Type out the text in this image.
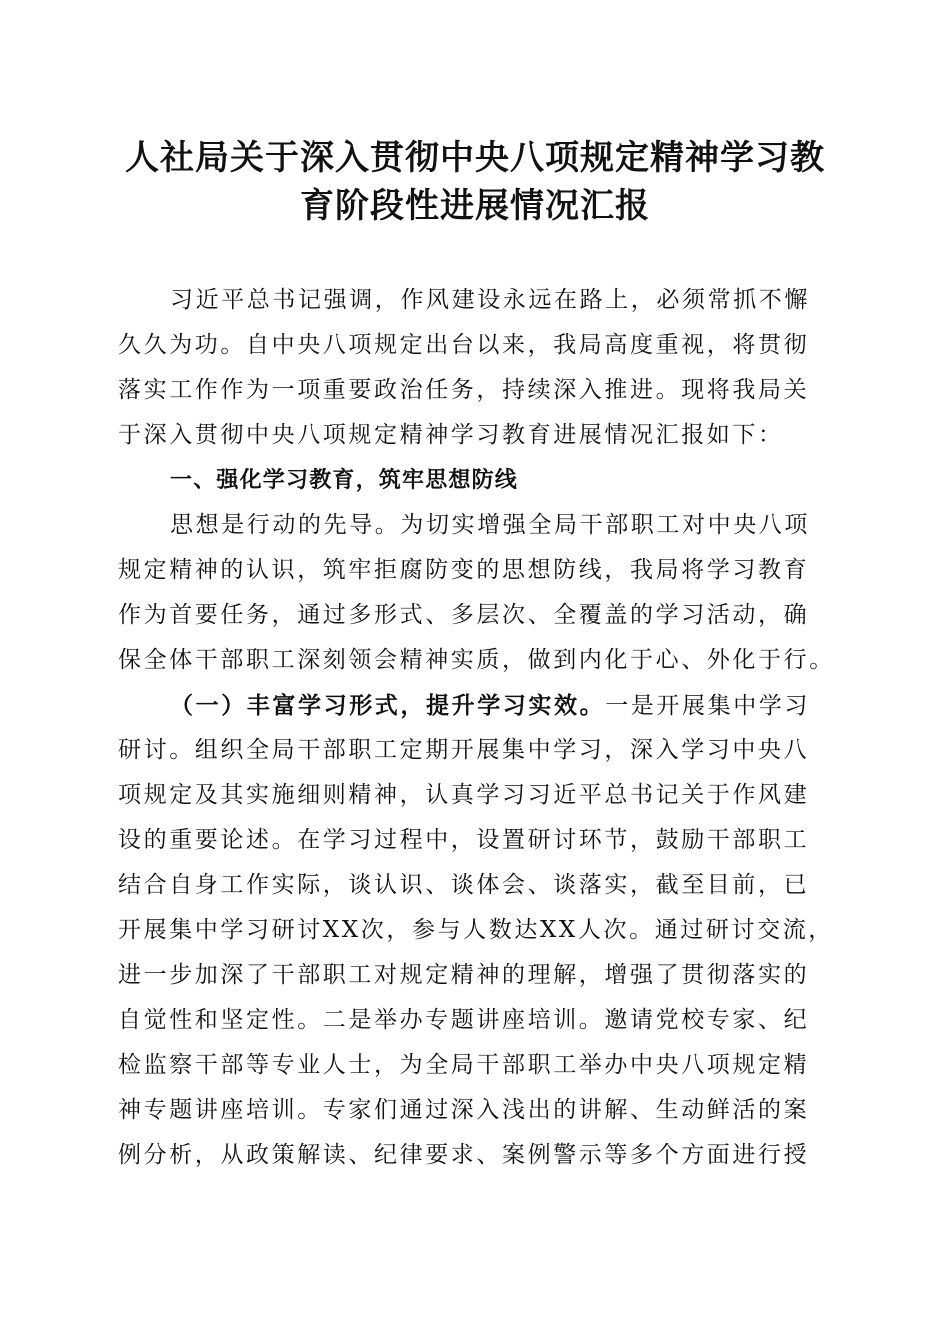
人社局关于深入贯彻中央八项规定精神学习教
育阶段性进展情况汇报
习近平总书记强调，作风建设永远在路上，必须常抓不懈
久久为功。自中央八项规定出台以来，我局高度重视，将贯彻
落实工作作为一项重要政治任务，持续深入推进。现将我局关
于深入贯彻中央八项规定精神学习教育进展情况汇报如下：
一、强化学习教育，筑牢思想防线
思想是行动的先导。为切实增强全局干部职工对中央八项
规定精神的认识，筑牢拒腐防变的思想防线，我局将学习教育
作为首要任务，通过多形式、多层次、全覆盖的学习活动，确
保全体干部职工深刻领会精神实质，做到内化于心、外化于行。
（一）丰富学习形式，提升学习实效。一是开展集中学习
研讨。组织全局干部职工定期开展集中学习，深入学习中央八
项规定及其实施细则精神，认真学习习近平总书记关于作风建
设的重要论述。在学习过程中，设置研讨环节，鼓励干部职工
结合自身工作实际，谈认识、谈体会、谈落实，截至目前，已
开展集中学习研讨XX次，参与人数达XX人次。通过研讨交流，
进一步加深了干部职工对规定精神的理解，增强了贯彻落实的
自觉性和坚定性。二是举办专题讲座培训。邀请党校专家、纪
检监察干部等专业人士，为全局干部职工举办中央八项规定精
神专题讲座培训。专家们通过深入浅出的讲解、生动鲜活的案
例分析，从政策解读、纪律要求、案例警示等多个方面进行授
